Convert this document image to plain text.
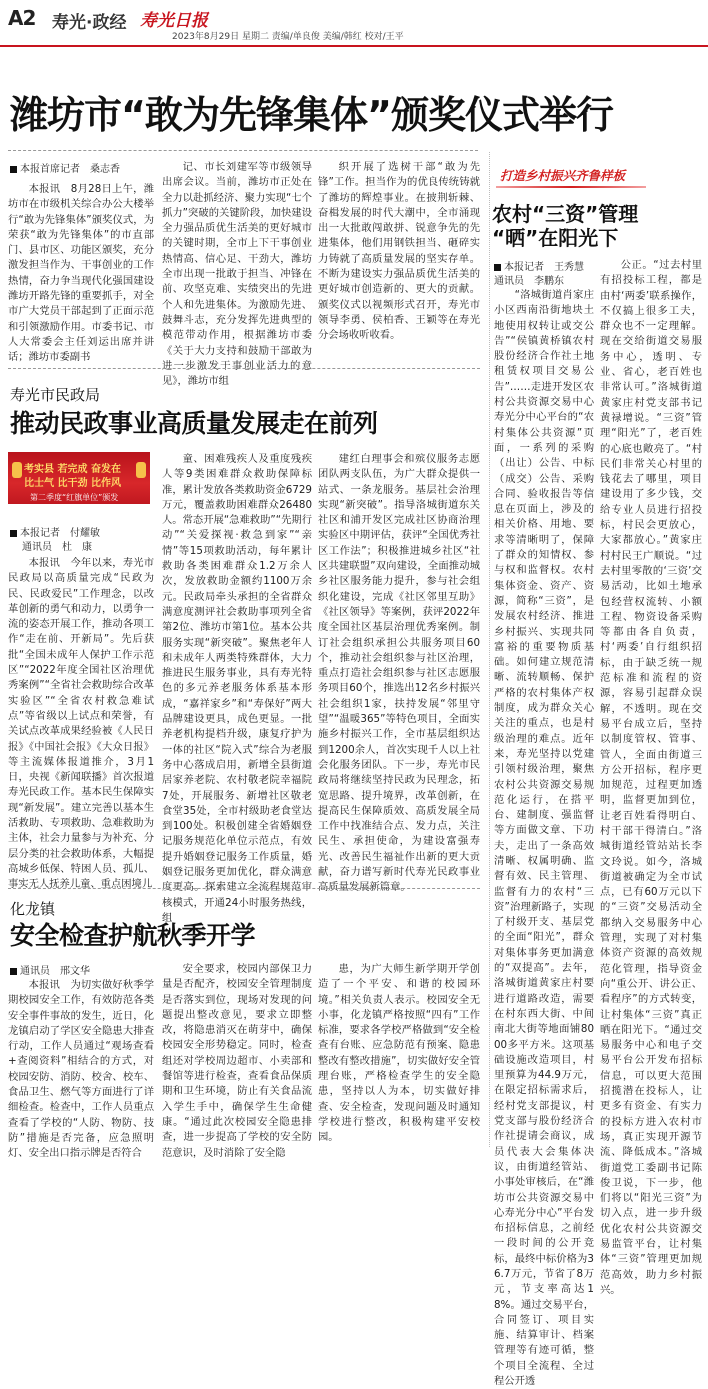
A2 寿光·政经 寿光日报
2023年8月29日 星期二 责编/单良俊 美编/韩红 校对/王平
潍坊市“敢为先锋集体”颁奖仪式举行
本报首席记者　桑志香

本报讯　8月28日上午，潍坊市在市级机关综合办公大楼举行“敢为先锋集体”颁奖仪式，为荣获“敢为先锋集体”的市直部门、县市区、功能区颁奖，充分激发担当作为、干事创业的工作热情，奋力争当现代化强国建设潍坊开路先锋的重要抓手，对全市广大党员干部起到了正面示范和引领激励作用。市委书记、市人大常委会主任刘运出席并讲话；潍坊市委副书

记、市长刘建军等市级领导出席会议。当前，潍坊市正处在全力以赴抓经济、聚力实现“七个抓力”突破的关键阶段，加快建设全力强品质优生活美的更好城市的关键时期，全市上下干事创业热情高、信心足、干劲大，潍坊全市出现一批敢于担当、冲锋在前、攻坚克难、实绩突出的先进个人和先进集体。为激励先进、鼓舞斗志，充分发挥先进典型的模范带动作用，根据潍坊市委《关于大力支持和鼓励干部敢为进一步激发干事创业活力的意见》，潍坊市组

织开展了选树干部“敢为先锋”工作。担当作为的优良传统铸就了潍坊的辉煌事业。在披荆斩棘、奋楫发展的时代大潮中，全市涌现出一大批敢闯敢拼、锐意争先的先进集体，他们用钢铁担当、砸碎实力铸就了高质量发展的坚实存单。不断为建设实力强品质优生活美的更好城市创造新的、更大的贡献。颁奖仪式以视频形式召开，寿光市领导李勇、侯柏香、王颖等在寿光分会场收听收看。

打造乡村振兴齐鲁样板
农村“三资”管理
“晒”在阳光下
本报记者　王秀慧
通讯员　李鹏东

“洛城街道肖家庄小区西南沿街地块土地使用权转让或交公告”“侯镇黄桥镇农村股份经济合作社土地租赁权项目交易公告”……走进开发区农村公共资源交易中心寿光分中心平台的“农村集体公共资源”页面，一系列的采购（出让）公告、中标（成交）公告、采购合同、验收报告等信息在页面上，涉及的相关价格、用地、要求等清晰明了，保障了群众的知情权、参与权和监督权。农村集体资金、资产、资源，简称“三资”，是发展农村经济、推进乡村振兴、实现共同富裕的重要物质基础。如何建立规范清晰、流转顺畅、保护严格的农村集体产权制度，成为群众关心关注的重点，也是村级治理的难点。近年来，寿光坚持以党建引领村级治理，聚焦农村公共资源交易规范化运行，在搭平台、建制度、强监督等方面做文章、下功夫，走出了一条高效清晰、权属明确、监督有效、民主管理、监督有力的农村“三资”治理新路子，实现了村级开支、基层党的全面“阳光”，群众对集体事务更加满意的“双提高”。去年，洛城街道黄家庄村要进行道路改造，需要在村东西大街、中间南北大街等地面铺8000多平方米。这项基础设施改造项目，村里预算为44.9万元，在限定招标需求后，经村党支部提议，村党支部与股份经济合作社提请会商议，成员代表大会集体决议，由街道经管站、小事处审核后，在“潍坊市公共资源交易中心寿光分中心”平台发布招标信息，之前经一段时间的公开竞标，最终中标价格为36.7万元，节省了8万元，节支率高达18%。通过交易平台，合同签订、项目实施、结算审计、档案管理等有迹可循，整个项目全流程、全过程公开透

公正。“过去村里有招投标工程，都是由村‘两委’联系操作，不仅搞上很多工夫，群众也不一定理解。现在交给街道交易服务中心，透明、专业、省心，老百姓也非常认可。”洛城街道黄家庄村党支部书记黄禄增说。“三资”管理“阳光”了，老百姓的心底也敞亮了。“村民们非常关心村里的钱花去了哪里，项目建设用了多少钱，交给专业人员进行招投标，村民会更放心，大家都放心。”黄家庄村村民王广顺说。“过去村里零散的‘三资’交易活动，比如土地承包经营权流转、小额工程、物资设备采购等都由各自负责，村‘两委’自行组织招标，由于缺乏统一规范标准和流程的资源，容易引起群众误解，不透明。现在交易平台成立后，坚持以制度管权、管事、管人，全面由街道三方公开招标，程序更加规范，过程更加透明，监督更加到位，让老百姓看得明白、村干部干得清白。”洛城街道经管站站长李文玲说。如今，洛城街道被确定为全市试点，已有60万元以下的“三资”交易活动全都纳入交易服务中心管理，实现了对村集体资产资源的高效规范化管理，指导资金向“重公开、讲公正、看程序”的方式转变，让村集体“三资”真正晒在阳光下。“通过交易服务中心和电子交易平台公开发布招标信息，可以更大范围招揽潜在投标人，让更多有资金、有实力的投标方进入农村市场，真正实现开源节流、降低成本。”洛城街道党工委副书记陈俊卫说，下一步，他们将以“阳光三资”为切入点，进一步升级优化农村公共资源交易监管平台，让村集体“三资”管理更加规范高效，助力乡村振兴。

寿光市民政局
推动民政事业高质量发展走在前列
考实县 若完成 奋发在
比士气 比干劲 比作风
第二季度“红旗单位”颁发
本报记者　付耀敏
通讯员　杜　康

本报讯　今年以来，寿光市民政局以高质量完成“民政为民、民政爱民”工作理念，以改革创新的勇气和动力，以勇争一流的姿态开展工作，推动各项工作“走在前、开新局”。先后获批“全国未成年人保护工作示范区”“2022年度全国社区治理优秀案例”“全省社会救助综合改革实验区”“全省农村救急难试点”等省级以上试点和荣誉，有关试点改革成果经验被《人民日报》《中国社会报》《大众日报》等主流媒体报道推介，3月1日，央视《新闻联播》首次报道寿光民政工作。基本民生保障实现“新发展”。建立完善以基本生活救助、专项救助、急难救助为主体，社会力量参与为补充、分层分类的社会救助体系，大幅提高城乡低保、特困人员、孤儿、事实无人抚养儿童、重点困境儿

童、困难残疾人及重度残疾人等9类困难群众救助保障标准，累计发放各类救助资金6729万元，覆盖救助困难群众26480人。常态开展“急难救助”“先期行动”“关爱探视·救急到家”“亲情”等15项救助活动，每年累计救助各类困难群众1.2万余人次，发放救助金额约1100万余元。民政局牵头承担的全省群众满意度测评社会救助事项列全省第2位、潍坊市第1位。基本公共服务实现“新突破”。聚焦老年人和未成年人两类特殊群体，大力推进民生服务事业，具有寿光特色的多元养老服务体系基本形成，“嘉祥家乡”和“寿保好”两大品牌建设更具，成色更显。一批养老机构提档升级，康复疗护为一体的社区“院入式”综合为老服务中心落成启用，新增全县街道居家养老院、农村敬老院幸福院7处，开展服务、新增社区敬老食堂35处，全市村级助老食堂达到100处。积极创建全省婚姻登记服务规范化单位示范点，有效提升婚姻登记服务工作质量，婚姻登记服务更加优化，群众满意度更高。探索建立全流程规范审核模式，开通24小时服务热线，组

建红白理事会和殡仪服务志愿团队两支队伍，为广大群众提供一站式、一条龙服务。基层社会治理实现“新突破”。指导洛城街道东关社区和浦开发区完成社区协商治理实验区中期评估，获评“全国优秀社区工作法”；积极推进城乡社区“社区共建联盟”双向建设，全面推动城乡社区服务能力提升，参与社会组织化建设，完成《社区邻里互助》《社区领导》等案例，获评2022年度全国社区基层治理优秀案例。制订社会组织承担公共服务项目60个，推动社会组织参与社区治理，重点打造社会组织参与社区志愿服务项目60个，推选出12名乡村振兴社会组织1家，扶持发展“邻里守望”“温暖365”等特色项目，全面实施乡村振兴工作，全市基层组织达到1200余人，首次实现千人以上社会化服务团队。下一步，寿光市民政局将继续坚持民政为民理念，拓宽思路、提升境界，改革创新，在提高民生保障质效、高质发展全局工作中找准结合点、发力点，关注民生、承担使命，为建设富强寿光、改善民生福祉作出新的更大贡献，奋力谱写新时代寿光民政事业高质量发展新篇章。

化龙镇
安全检查护航秋季开学
通讯员　邢文华

本报讯　为切实做好秋季学期校园安全工作，有效防范各类安全事件事故的发生，近日，化龙镇启动了学区安全隐患大排查行动，工作人员通过“观场查看+查阅资料”相结合的方式，对校园安防、消防、校舍、校车、食品卫生、燃气等方面进行了详细检查。检查中，工作人员重点查看了学校的“人防、物防、技防”措施是否完备，应急照明灯、安全出口指示牌是否符合

安全要求，校园内部保卫力量是否配齐，校园安全管理制度是否落实到位，现场对发现的问题提出整改意见，要求立即整改，将隐患消灭在萌芽中，确保校园安全形势稳定。同时，检查组还对学校周边超市、小卖部和餐馆等进行检查，查看食品保质期和卫生环境，防止有关食品流入学生手中，确保学生生命健康。“通过此次校园安全隐患排查，进一步提高了学校的安全防范意识，及时消除了安全隐

患，为广大师生新学期开学创造了一个平安、和谐的校园环境。”相关负责人表示。校园安全无小事，化龙镇严格按照“四有”工作标准，要求各学校严格做到“安全检查有台账、应急防范有预案、隐患整改有整改措施”，切实做好安全管理台账，严格检查学生的安全隐患，坚持以人为本，切实做好排查、安全检查，发现问题及时通知学校进行整改，积极构建平安校园。
